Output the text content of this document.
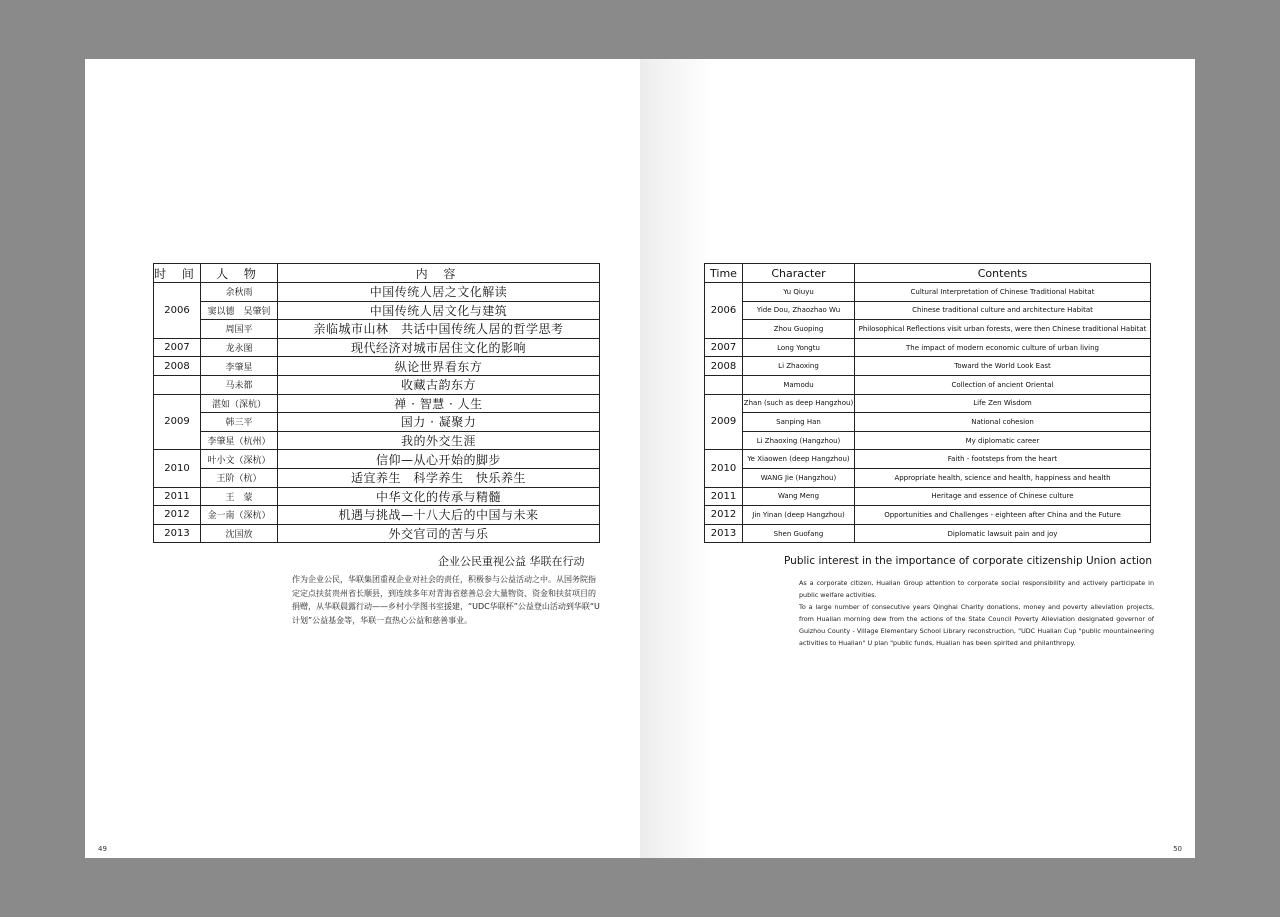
时 间	人 物	内 容
2006	余秋雨	中国传统人居之文化解读
	窦以德　吴肇钊	中国传统人居文化与建筑
	周国平	亲临城市山林　共话中国传统人居的哲学思考
2007	龙永图	现代经济对城市居住文化的影响
2008	李肇星	纵论世界看东方
	马未都	收藏古韵东方
2009	湛如（深杭）	禅 · 智慧 · 人生
	韩三平	国力 · 凝聚力
	李肇星（杭州）	我的外交生涯
2010	叶小文（深杭）	信仰—从心开始的脚步
	王阶（杭）	适宜养生　科学养生　快乐养生
2011	王　蒙	中华文化的传承与精髓
2012	金一南（深杭）	机遇与挑战—十八大后的中国与未来
2013	沈国放	外交官司的苦与乐
企业公民重视公益 华联在行动

作为企业公民，华联集团重视企业对社会的责任，积极参与公益活动之中。从国务院指定定点扶贫贵州省长顺县，到连续多年对青海省慈善总会大量物资、资金和扶贫项目的捐赠，从华联晨露行动——乡村小学图书室援建，“UDC华联杯”公益登山活动到华联“U计划”公益基金等，华联一直热心公益和慈善事业。

49
Time	Character	Contents
2006	Yu Qiuyu	Cultural Interpretation of Chinese Traditional Habitat
	Yide Dou, Zhaozhao Wu	Chinese traditional culture and architecture Habitat
	Zhou Guoping	Philosophical Reflections visit urban forests, were then Chinese traditional Habitat
2007	Long Yongtu	The impact of modern economic culture of urban living
2008	Li Zhaoxing	Toward the World Look East
	Mamodu	Collection of ancient Oriental
2009	Zhan (such as deep Hangzhou)	Life Zen Wisdom
	Sanping Han	National cohesion
	Li Zhaoxing (Hangzhou)	My diplomatic career
2010	Ye Xiaowen (deep Hangzhou)	Faith - footsteps from the heart
	WANG Jie (Hangzhou)	Appropriate health, science and health, happiness and health
2011	Wang Meng	Heritage and essence of Chinese culture
2012	Jin Yinan (deep Hangzhou)	Opportunities and Challenges - eighteen after China and the Future
2013	Shen Guofang	Diplomatic lawsuit pain and joy
Public interest in the importance of corporate citizenship Union action

As a corporate citizen, Hualian Group attention to corporate social responsibility and actively participate in public welfare activities.

To a large number of consecutive years Qinghai Charity donations, money and poverty alleviation projects, from Hualian morning dew from the actions of the State Council Poverty Alleviation designated governor of Guizhou County - Village Elementary School Library reconstruction, "UDC Hualian Cup "public mountaineering activities to Hualian" U plan "public funds, Hualian has been spirited and philanthropy.

50
